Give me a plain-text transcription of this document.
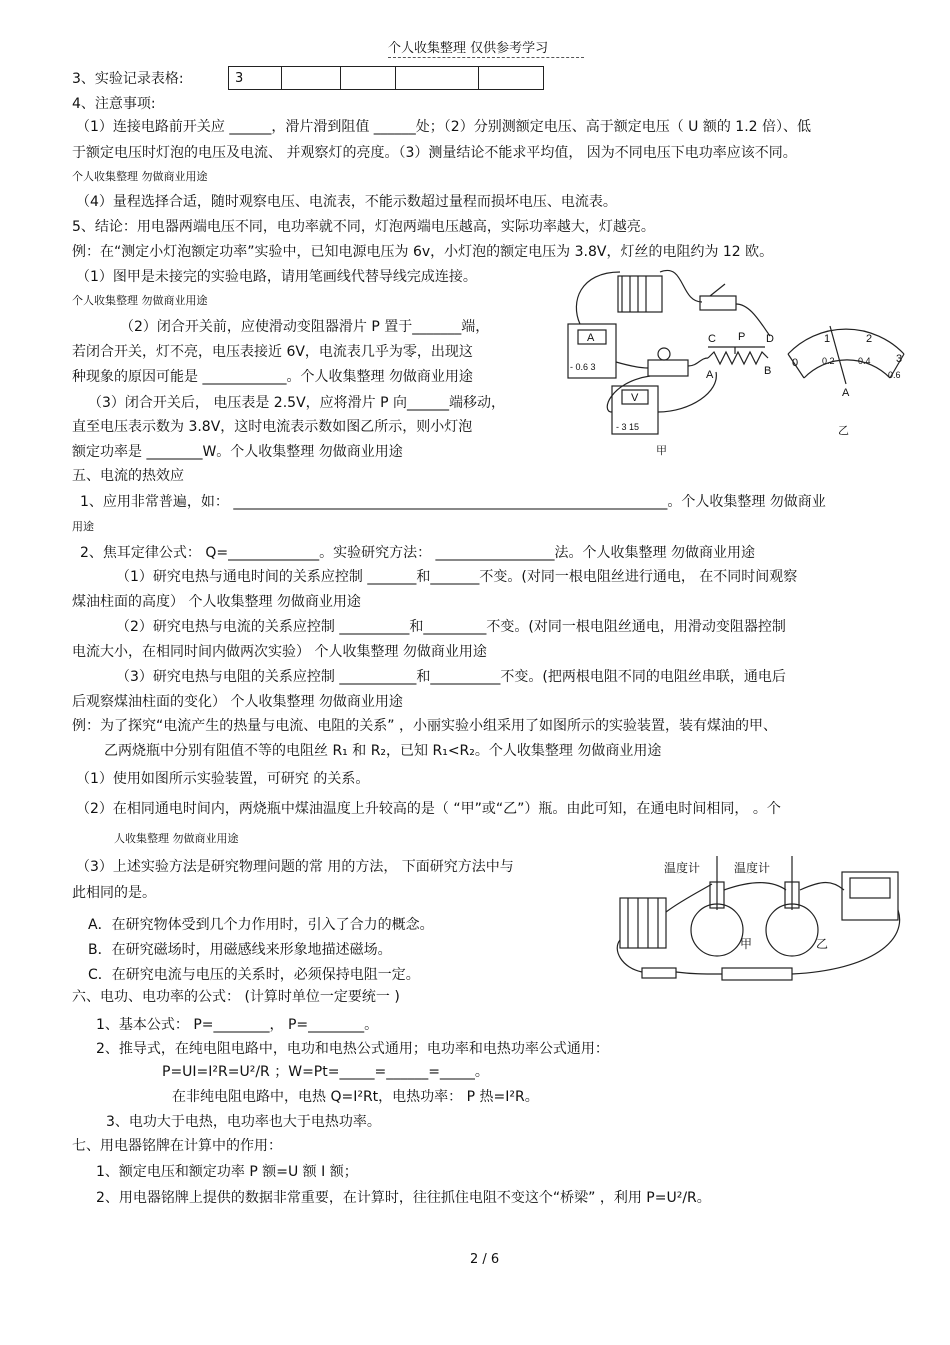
个人收集整理 仅供参考学习
3、实验记录表格:	3				
4、注意事项:
（1）连接电路前开关应 ______，滑片滑到阻值 ______处；（2）分别测额定电压、高于额定电压（ U 额的 1.2 倍）、低
于额定电压时灯泡的电压及电流、 并观察灯的亮度。（3）测量结论不能求平均值， 因为不同电压下电功率应该不同。
个人收集整理 勿做商业用途
（4）量程选择合适，随时观察电压、电流表，不能示数超过量程而损坏电压、电流表。
5、结论：用电器两端电压不同，电功率就不同，灯泡两端电压越高，实际功率越大，灯越亮。
例：在“测定小灯泡额定功率”实验中，已知电源电压为 6v，小灯泡的额定电压为 3.8V，灯丝的电阻约为 12 欧。
（1）图甲是未接完的实验电路，请用笔画线代替导线完成连接。
个人收集整理 勿做商业用途
（2）闭合开关前，应使滑动变阻器滑片 P 置于_______端，
若闭合开关，灯不亮，电压表接近 6V，电流表几乎为零，出现这
种现象的原因可能是 ____________。个人收集整理 勿做商业用途
（3）闭合开关后， 电压表是 2.5V，应将滑片 P 向______端移动，
直至电压表示数为 3.8V，这时电流表示数如图乙所示，则小灯泡
额定功率是 ________W。个人收集整理 勿做商业用途
五、电流的热效应
1、应用非常普遍，如： ______________________________________________________________。个人收集整理 勿做商业
用途
2、焦耳定律公式： Q=_____________。实验研究方法： _________________法。个人收集整理 勿做商业用途
（1）研究电热与通电时间的关系应控制 _______和_______不变。(对同一根电阻丝进行通电， 在不同时间观察
煤油柱面的高度） 个人收集整理 勿做商业用途
（2）研究电热与电流的关系应控制 __________和_________不变。(对同一根电阻丝通电，用滑动变阻器控制
电流大小，在相同时间内做两次实验） 个人收集整理 勿做商业用途
（3）研究电热与电阻的关系应控制 ___________和__________不变。(把两根电阻不同的电阻丝串联，通电后
后观察煤油柱面的变化） 个人收集整理 勿做商业用途
例：为了探究“电流产生的热量与电流、电阻的关系” ，小丽实验小组采用了如图所示的实验装置，装有煤油的甲、
乙两烧瓶中分别有阻值不等的电阻丝 R₁ 和 R₂，已知 R₁<R₂。个人收集整理 勿做商业用途
（1）使用如图所示实验装置，可研究 的关系。
（2）在相同通电时间内，两烧瓶中煤油温度上升较高的是（ “甲”或“乙”）瓶。由此可知，在通电时间相同， 。个
人收集整理 勿做商业用途
（3）上述实验方法是研究物理问题的常 用的方法， 下面研究方法中与
此相同的是。
A．在研究物体受到几个力作用时，引入了合力的概念。
B．在研究磁场时，用磁感线来形象地描述磁场。
C．在研究电流与电压的关系时，必须保持电阻一定。
六、电功、电功率的公式： (计算时单位一定要统一 )
1、基本公式： P=________， P=________。
2、推导式，在纯电阻电路中，电功和电热公式通用；电功率和电热功率公式通用：
P=UI=I²R=U²/R ；W=Pt=_____=______=_____。
在非纯电阻电路中，电热 Q=I²Rt，电热功率： P 热=I²R。
3、电功大于电热，电功率也大于电热功率。
七、用电器铭牌在计算中的作用：
1、额定电压和额定功率 P 额=U 额 I 额；
2、用电器铭牌上提供的数据非常重要，在计算时，往往抓住电阻不变这个“桥梁” ，利用 P=U²/R。
C P D
A	B
A
V
- 0.6 3
- 3 15
甲
乙
0
1	2
3
0.2	0.4
0.6
A
温度计	温度计
甲	乙
2 / 6
